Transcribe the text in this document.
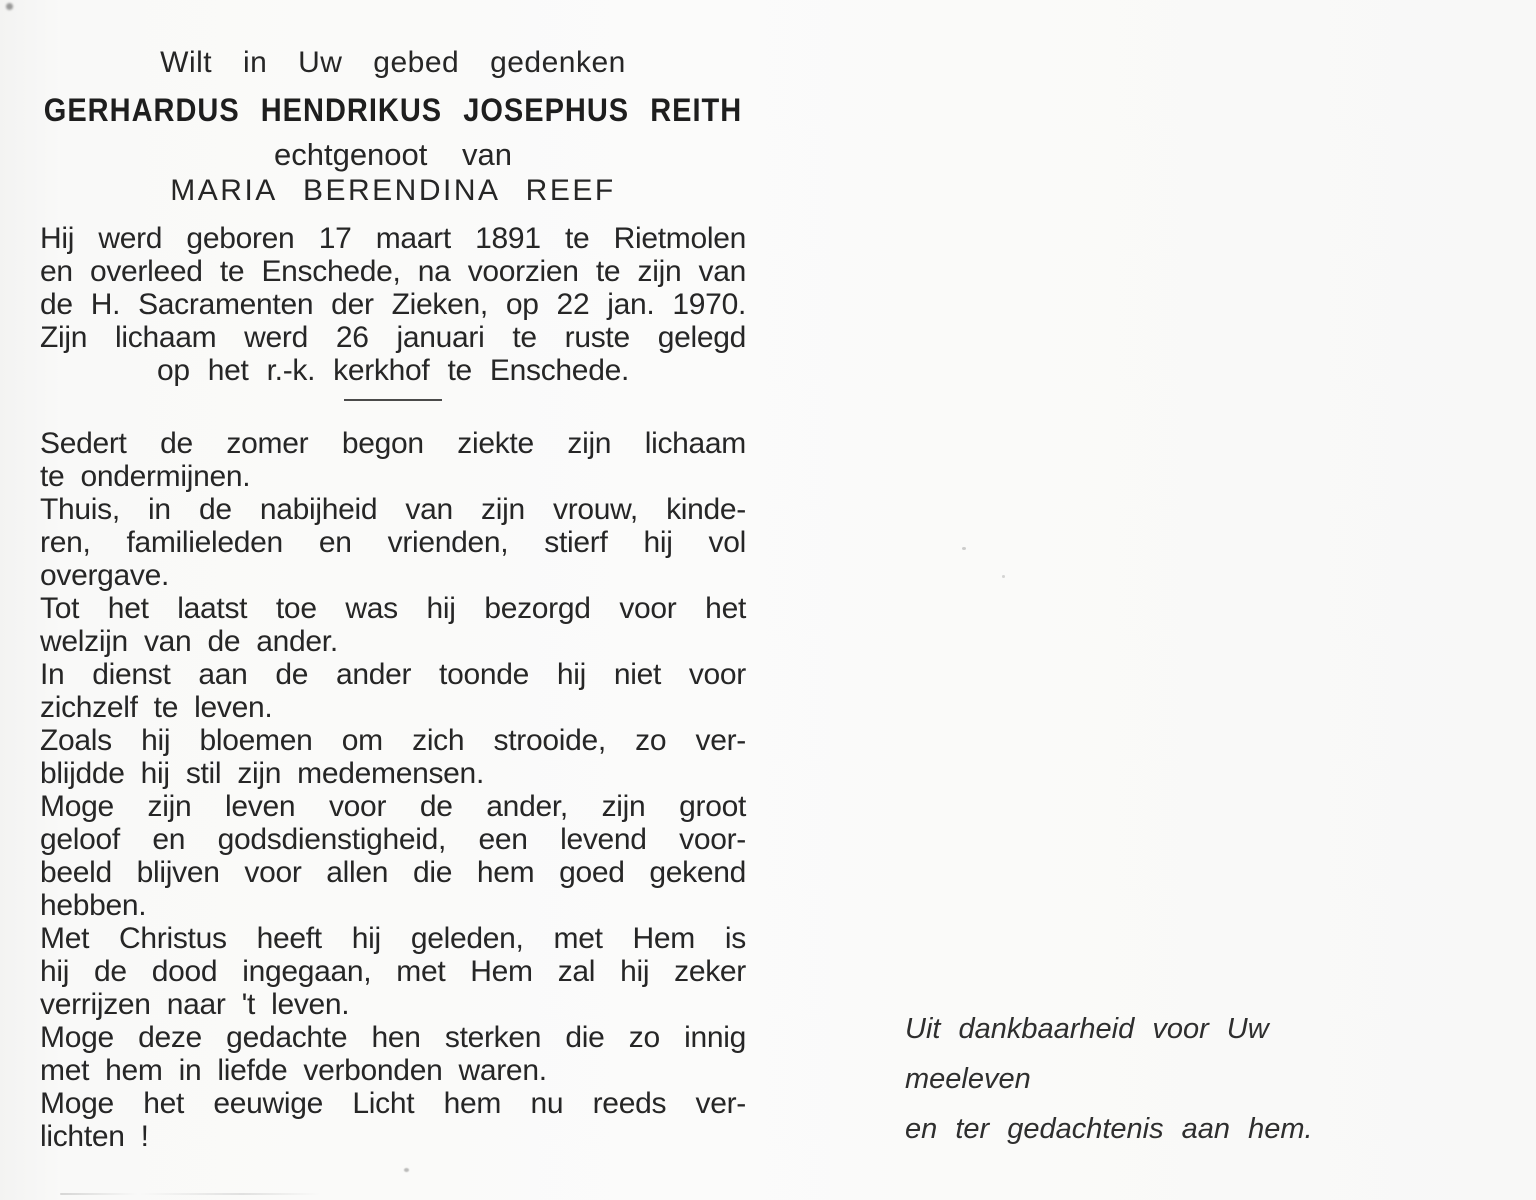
Wilt in Uw gebed gedenken
GERHARDUS HENDRIKUS JOSEPHUS REITH
echtgenoot van
MARIA BERENDINA REEF
Hij werd geboren 17 maart 1891 te Rietmolen
en overleed te Enschede, na voorzien te zijn van
de H. Sacramenten der Zieken, op 22 jan. 1970.
Zijn lichaam werd 26 januari te ruste gelegd
op het r.-k. kerkhof te Enschede.
Sedert de zomer begon ziekte zijn lichaam
te ondermijnen.
Thuis, in de nabijheid van zijn vrouw, kinde-
ren, familieleden en vrienden, stierf hij vol
overgave.
Tot het laatst toe was hij bezorgd voor het
welzijn van de ander.
In dienst aan de ander toonde hij niet voor
zichzelf te leven.
Zoals hij bloemen om zich strooide, zo ver-
blijdde hij stil zijn medemensen.
Moge zijn leven voor de ander, zijn groot
geloof en godsdienstigheid, een levend voor-
beeld blijven voor allen die hem goed gekend
hebben.
Met Christus heeft hij geleden, met Hem is
hij de dood ingegaan, met Hem zal hij zeker
verrijzen naar 't leven.
Moge deze gedachte hen sterken die zo innig
met hem in liefde verbonden waren.
Moge het eeuwige Licht hem nu reeds ver-
lichten !
Uit dankbaarheid voor Uw meeleven
en ter gedachtenis aan hem.
